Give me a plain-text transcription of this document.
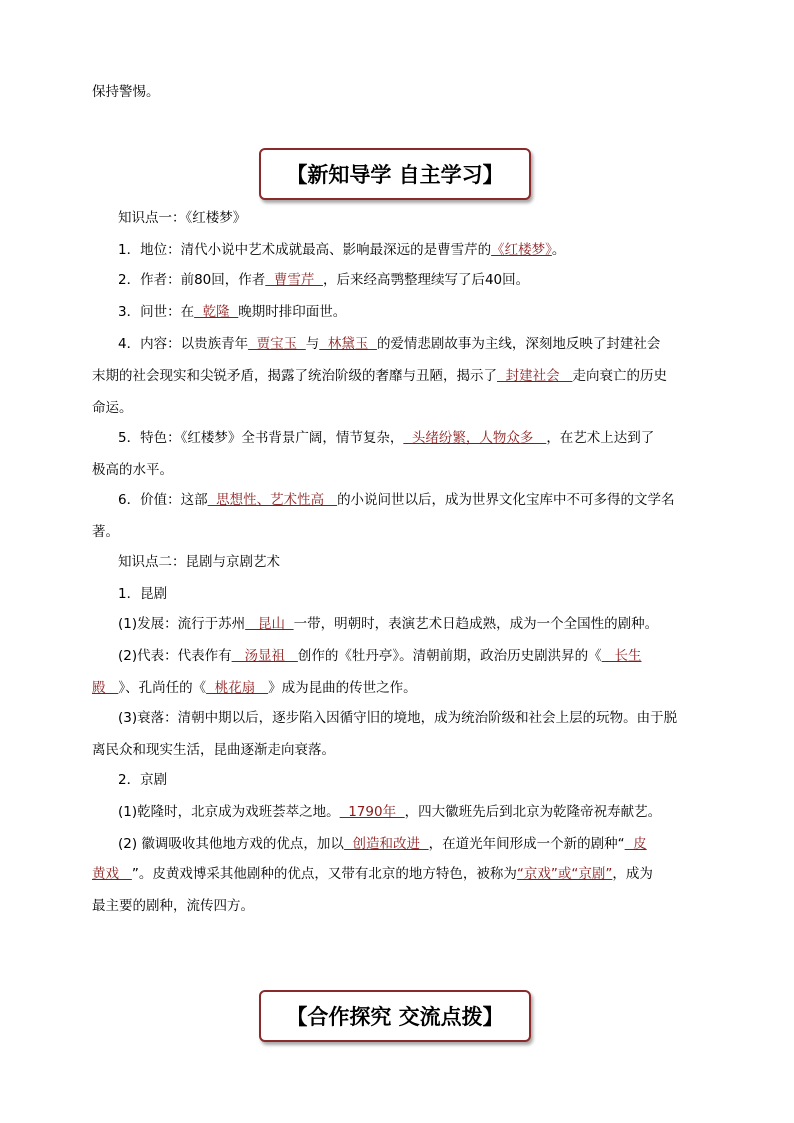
保持警惕。
【新知导学 自主学习】
知识点一：《红楼梦》
1．地位：清代小说中艺术成就最高、影响最深远的是曹雪芹的《红楼梦》。
2．作者：前80回，作者  曹雪芹  ，后来经高鹗整理续写了后40回。
3．问世：在  乾隆  晚期时排印面世。
4．内容：以贵族青年  贾宝玉  与  林黛玉  的爱情悲剧故事为主线，深刻地反映了封建社会
末期的社会现实和尖锐矛盾，揭露了统治阶级的奢靡与丑陋，揭示了  封建社会   走向衰亡的历史
命运。
5．特色：《红楼梦》全书背景广阔，情节复杂，  头绪纷繁，人物众多   ，在艺术上达到了
极高的水平。
6．价值：这部  思想性、艺术性高   的小说问世以后，成为世界文化宝库中不可多得的文学名
著。
知识点二：昆剧与京剧艺术
1．昆剧
(1)发展：流行于苏州   昆山  一带，明朝时，表演艺术日趋成熟，成为一个全国性的剧种。
(2)代表：代表作有   汤显祖   创作的《牡丹亭》。清朝前期，政治历史剧洪昇的《   长生
殿   》、孔尚任的《  桃花扇   》成为昆曲的传世之作。
(3)衰落：清朝中期以后，逐步陷入因循守旧的境地，成为统治阶级和社会上层的玩物。由于脱
离民众和现实生活，昆曲逐渐走向衰落。
2．京剧
(1)乾隆时，北京成为戏班荟萃之地。  1790年  ，四大徽班先后到北京为乾隆帝祝寿献艺。
(2) 徽调吸收其他地方戏的优点，加以  创造和改进  ，在道光年间形成一个新的剧种“  皮
黄戏   ”。皮黄戏博采其他剧种的优点，又带有北京的地方特色，被称为“京戏”或“京剧”，成为
最主要的剧种，流传四方。
【合作探究 交流点拨】
